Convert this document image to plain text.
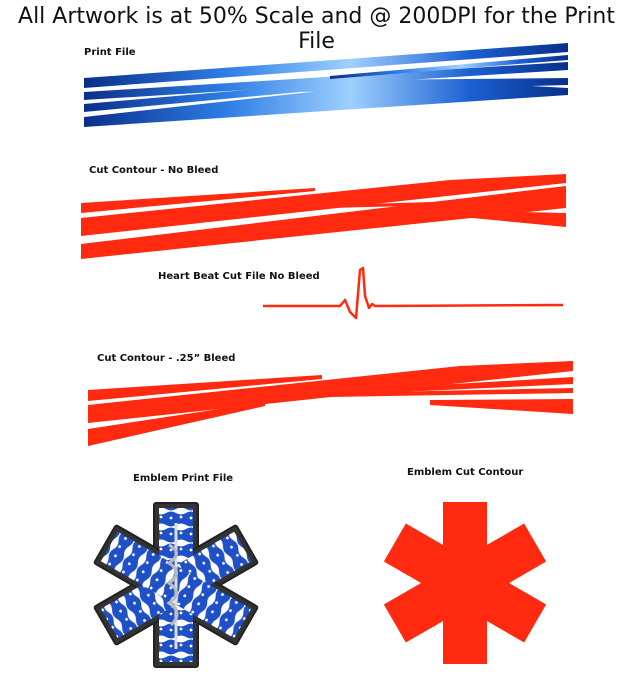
All Artwork is at 50% Scale and @ 200DPI for the Print File
Print File
Cut Contour - No Bleed
Heart Beat Cut File No Bleed
Cut Contour - .25” Bleed
Emblem Print File
Emblem Cut Contour
